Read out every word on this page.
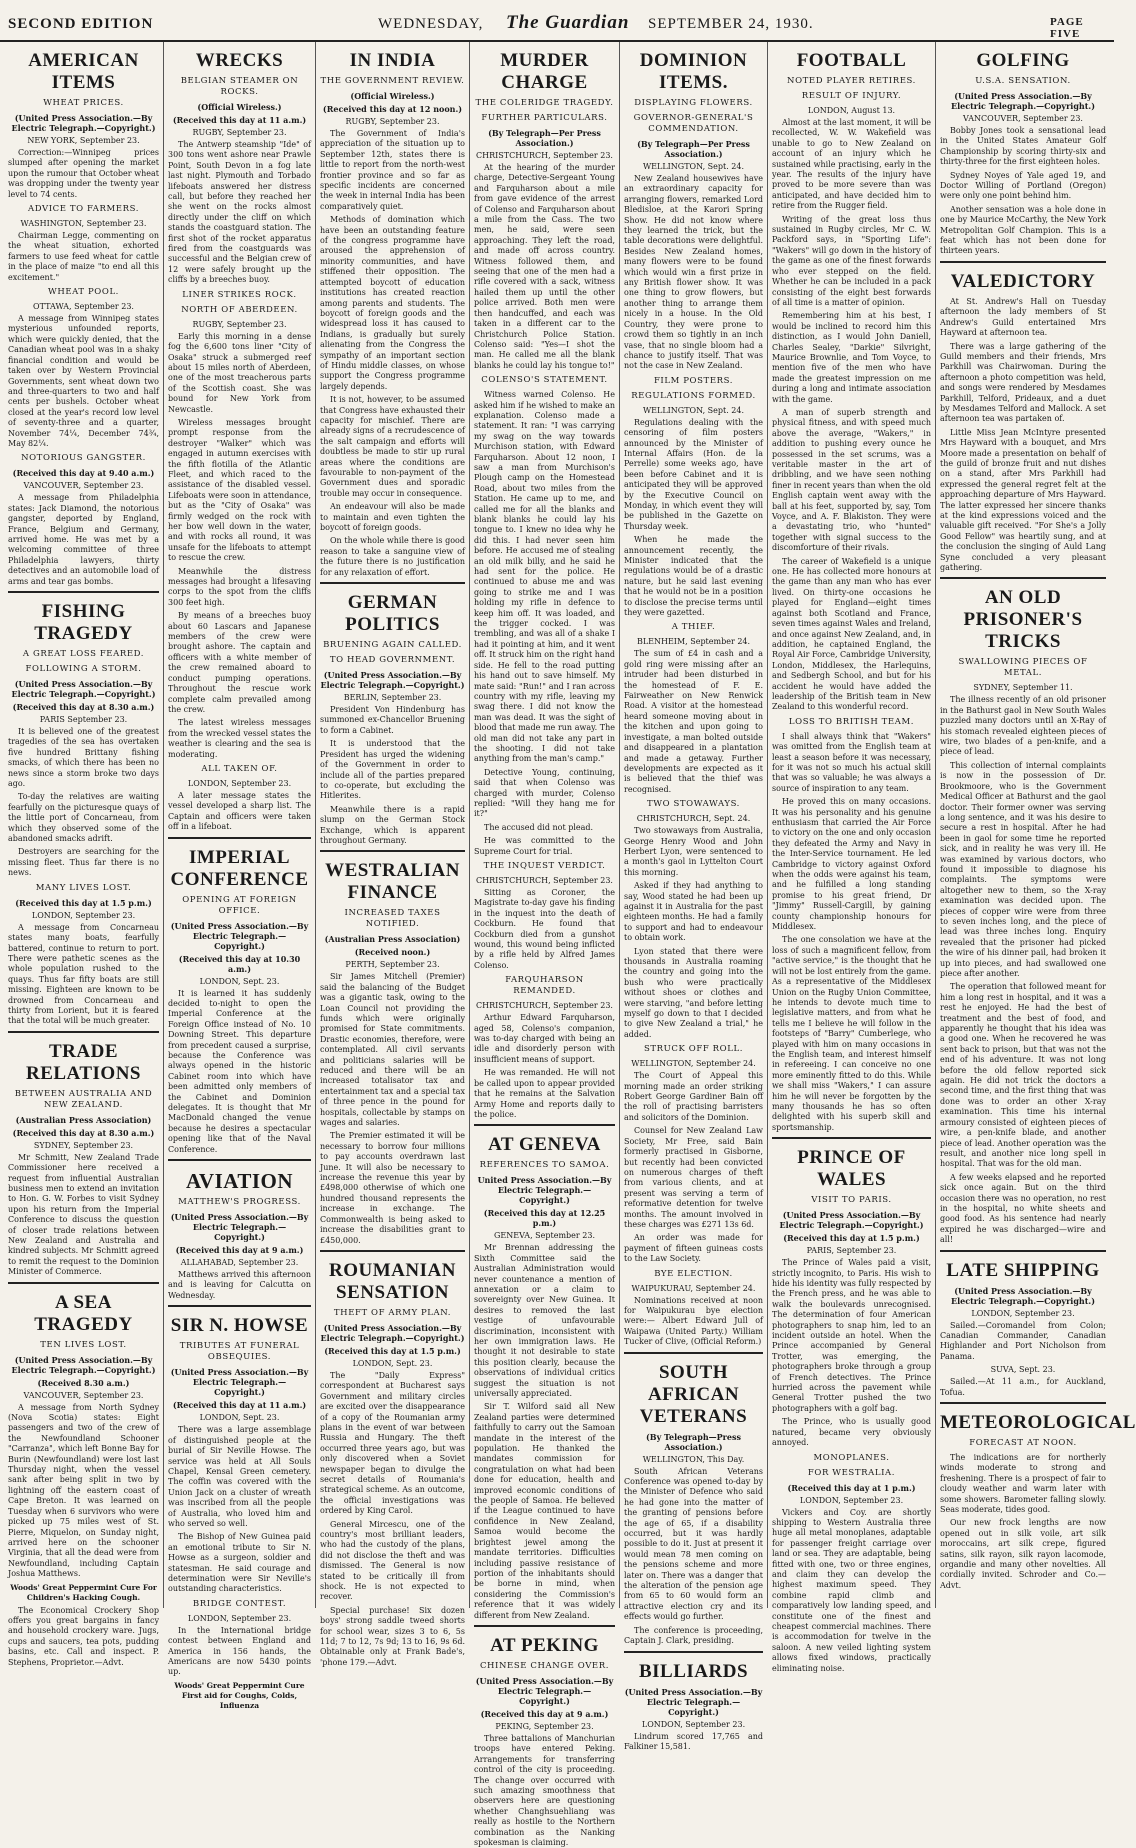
SECOND EDITION	WEDNESDAY, The Guardian SEPTEMBER 24, 1930.	PAGE FIVE
AMERICAN ITEMS
WHEAT PRICES.
(United Press Association.—By Electric Telegraph.—Copyright.)
NEW YORK, September 23.

Correction:—Winnipeg prices slumped after opening the market upon the rumour that October wheat was dropping under the twenty year level to 74 cents.

ADVICE TO FARMERS.
WASHINGTON, September 23.

Chairman Legge, commenting on the wheat situation, exhorted farmers to use feed wheat for cattle in the place of maize "to end all this excitement."

WHEAT POOL.
OTTAWA, September 23.

A message from Winnipeg states mysterious unfounded reports, which were quickly denied, that the Canadian wheat pool was in a shaky financial condition and would be taken over by Western Provincial Governments, sent wheat down two and three-quarters to two and half cents per bushels. October wheat closed at the year's record low level of seventy-three and a quarter, November 74¼, December 74¾, May 82¼.

NOTORIOUS GANGSTER.
(Received this day at 9.40 a.m.)
VANCOUVER, September 23.

A message from Philadelphia states: Jack Diamond, the notorious gangster, deported by England, France, Belgium and Germany, arrived home. He was met by a welcoming committee of three Philadelphia lawyers, thirty detectives and an automobile load of arms and tear gas bombs.

FISHING TRAGEDY
A GREAT LOSS FEARED.
FOLLOWING A STORM.
(United Press Association.—By Electric Telegraph.—Copyright.)
(Received this day at 8.30 a.m.)
PARIS September 23.

It is believed one of the greatest tragedies of the sea has overtaken five hundred Brittany fishing smacks, of which there has been no news since a storm broke two days ago.

To-day the relatives are waiting fearfully on the picturesque quays of the little port of Concarneau, from which they observed some of the abandoned smacks adrift.

Destroyers are searching for the missing fleet. Thus far there is no news.

MANY LIVES LOST.
(Received this day at 1.5 p.m.)
LONDON, September 23.

A message from Concarneau states many boats, fearfully battered, continue to return to port. There were pathetic scenes as the whole population rushed to the quays. Thus far fifty boats are still missing. Eighteen are known to be drowned from Concarneau and thirty from Lorient, but it is feared that the total will be much greater.

TRADE RELATIONS
BETWEEN AUSTRALIA AND NEW ZEALAND.
(Australian Press Association)
(Received this day at 8.30 a.m.)
SYDNEY, September 23.

Mr Schmitt, New Zealand Trade Commissioner here received a request from influential Australian business men to extend an invitation to Hon. G. W. Forbes to visit Sydney upon his return from the Imperial Conference to discuss the question of closer trade relations between New Zealand and Australia and kindred subjects. Mr Schmitt agreed to remit the request to the Dominion Minister of Commerce.

A SEA TRAGEDY
TEN LIVES LOST.
(United Press Association.—By Electric Telegraph.—Copyright.)
(Received 8.30 a.m.)
VANCOUVER, September 23.

A message from North Sydney (Nova Scotia) states: Eight passengers and two of the crew of the Newfoundland Schooner "Carranza", which left Bonne Bay for Burin (Newfoundland) were lost last Thursday night, when the vessel sank after being split in two by lightning off the eastern coast of Cape Breton. It was learned on Tuesday when 6 survivors who were picked up 75 miles west of St. Pierre, Miquelon, on Sunday night, arrived here on the schooner Virginia, that all the dead were from Newfoundland, including Captain Joshua Matthews.

Woods' Great Peppermint Cure For Children's Hacking Cough.

The Economical Crockery Shop offers you great bargains in fancy and household crockery ware. Jugs, cups and saucers, tea pots, pudding basins, etc. Call and inspect. P. Stephens, Proprietor.—Advt.

WRECKS
BELGIAN STEAMER ON ROCKS.
(Official Wireless.)
(Received this day at 11 a.m.)
RUGBY, September 23.

The Antwerp steamship "Ide" of 300 tons went ashore near Prawle Point, South Devon in a fog late last night. Plymouth and Torbado lifeboats answered her distress call, but before they reached her she went on the rocks almost directly under the cliff on which stands the coastguard station. The first shot of the rocket apparatus fired from the coastguards was successful and the Belgian crew of 12 were safely brought up the cliffs by a breeches buoy.

LINER STRIKES ROCK.
NORTH OF ABERDEEN.
RUGBY, September 23.

Early this morning in a dense fog the 6,600 tons liner "City of Osaka" struck a submerged reef about 15 miles north of Aberdeen, one of the most treacherous parts of the Scottish coast. She was bound for New York from Newcastle.

Wireless messages brought prompt response from the destroyer "Walker" which was engaged in autumn exercises with the fifth flotilla of the Atlantic Fleet, and which raced to the assistance of the disabled vessel. Lifeboats were soon in attendance, but as the "City of Osaka" was firmly wedged on the rock with her bow well down in the water, and with rocks all round, it was unsafe for the lifeboats to attempt to rescue the crew.

Meanwhile the distress messages had brought a lifesaving corps to the spot from the cliffs 300 feet high.

By means of a breeches buoy about 60 Lascars and Japanese members of the crew were brought ashore. The captain and officers with a white member of the crew remained aboard to conduct pumping operations. Throughout the rescue work complete calm prevailed among the crew.

The latest wireless messages from the wrecked vessel states the weather is clearing and the sea is moderating.

ALL TAKEN OF.
LONDON, September 23.

A later message states the vessel developed a sharp list. The Captain and officers were taken off in a lifeboat.

IMPERIAL CONFERENCE
OPENING AT FOREIGN OFFICE.
(United Press Association.—By Electric Telegraph.—Copyright.)
(Received this day at 10.30 a.m.)
LONDON, Sept. 23.

It is learned it has suddenly decided to-night to open the Imperial Conference at the Foreign Office instead of No. 10 Downing Street. This departure from precedent caused a surprise, because the Conference was always opened in the historic Cabinet room into which have been admitted only members of the Cabinet and Dominion delegates. It is thought that Mr MacDonald changed the venue because he desires a spectacular opening like that of the Naval Conference.

AVIATION
MATTHEW'S PROGRESS.
(United Press Association.—By Electric Telegraph.—Copyright.)
(Received this day at 9 a.m.)
ALLAHABAD, September 23.

Matthews arrived this afternoon and is leaving for Calcutta on Wednesday.

SIR N. HOWSE
TRIBUTES AT FUNERAL OBSEQUIES.
(United Press Association.—By Electric Telegraph.—Copyright.)
(Received this day at 11 a.m.)
LONDON, Sept. 23.

There was a large assemblage of distinguished people at the burial of Sir Neville Howse. The service was held at All Souls Chapel, Kensal Green cemetery. The coffin was covered with the Union Jack on a cluster of wreath was inscribed from all the people of Australia, who loved him and who served so well.

The Bishop of New Guinea paid an emotional tribute to Sir N. Howse as a surgeon, soldier and statesman. He said courage and determination were Sir Neville's outstanding characteristics.

BRIDGE CONTEST.
LONDON, September 23.

In the International bridge contest between England and America in 156 hands, the Americans are now 5430 points up.

Woods' Great Peppermint Cure First aid for Coughs, Colds, Influenza
IN INDIA
THE GOVERNMENT REVIEW.
(Official Wireless.)
(Received this day at 12 noon.)
RUGBY, September 23.

The Government of India's appreciation of the situation up to September 12th, states there is little to report from the north-west frontier province and so far as specific incidents are concerned the week in internal India has been comparatively quiet.

Methods of domination which have been an outstanding feature of the congress programme have aroused the apprehension of minority communities, and have stiffened their opposition. The attempted boycott of education institutions has created reaction among parents and students. The boycott of foreign goods and the widespread loss it has caused to Indians, is gradually but surely alienating from the Congress the sympathy of an important section of Hindu middle classes, on whose support the Congress programme largely depends.

It is not, however, to be assumed that Congress have exhausted their capacity for mischief. There are already signs of a recrudescence of the salt campaign and efforts will doubtless be made to stir up rural areas where the conditions are favourable to non-payment of the Government dues and sporadic trouble may occur in consequence.

An endeavour will also be made to maintain and even tighten the boycott of foreign goods.

On the whole while there is good reason to take a sanguine view of the future there is no justification for any relaxation of effort.

GERMAN POLITICS
BRUENING AGAIN CALLED.
TO HEAD GOVERNMENT.
(United Press Association.—By Electric Telegraph.—Copyright.)
BERLIN, September 23.

President Von Hindenburg has summoned ex-Chancellor Bruening to form a Cabinet.

It is understood that the President has urged the widening of the Government in order to include all of the parties prepared to co-operate, but excluding the Hitlerites.

Meanwhile there is a rapid slump on the German Stock Exchange, which is apparent throughout Germany.

WESTRALIAN FINANCE
INCREASED TAXES NOTIFIED.
(Australian Press Association)
(Received noon.)
PERTH, September 23.

Sir James Mitchell (Premier) said the balancing of the Budget was a gigantic task, owing to the Loan Council not providing the funds which were originally promised for State commitments. Drastic economies, therefore, were contemplated. All civil servants and politicians salaries will be reduced and there will be an increased totalisator tax and entertainment tax and a special tax of three pence in the pound for hospitals, collectable by stamps on wages and salaries.

The Premier estimated it will be necessary to borrow four millions to pay accounts overdrawn last June. It will also be necessary to increase the revenue this year by £498,000 otherwise of which one hundred thousand represents the increase in exchange. The Commonwealth is being asked to increase the disabilities grant to £450,000.

ROUMANIAN SENSATION
THEFT OF ARMY PLAN.
(United Press Association.—By Electric Telegraph.—Copyright.)
(Received this day at 1.5 p.m.)
LONDON, Sept. 23.

The "Daily Express" correspondent at Bucharest says Government and military circles are excited over the disappearance of a copy of the Roumanian army plans in the event of war between Russia and Hungary. The theft occurred three years ago, but was only discovered when a Soviet newspaper began to divulge the secret details of Roumania's strategical scheme. As an outcome, the official investigations was ordered by King Carol.

General Mircescu, one of the country's most brilliant leaders, who had the custody of the plans, did not disclose the theft and was dismissed. The General is now stated to be critically ill from shock. He is not expected to recover.

Special purchase! Six dozen boys' strong saddle tweed shorts for school wear, sizes 3 to 6, 5s 11d; 7 to 12, 7s 9d; 13 to 16, 9s 6d. Obtainable only at Frank Bade's, 'phone 179.—Advt.

MURDER CHARGE
THE COLERIDGE TRAGEDY.
FURTHER PARTICULARS.
(By Telegraph—Per Press Association.)
CHRISTCHURCH, September 23.

At the hearing of the murder charge, Detective-Sergeant Young and Farquharson about a mile from gave evidence of the arrest of Colenso and Farquharson about a mile from the Cass. The two men, he said, were seen approaching. They left the road, and made off across country. Witness followed them, and seeing that one of the men had a rifle covered with a sack, witness hailed them up until the other police arrived. Both men were then handcuffed, and each was taken in a different car to the Christchurch Police Station. Colenso said: "Yes—I shot the man. He called me all the blank blanks he could lay his tongue to!"

COLENSO'S STATEMENT.

Witness warned Colenso. He asked him if he wished to make an explanation. Colenso made a statement. It ran: "I was carrying my swag on the way towards Murchison station, with Edward Farquharson. About 12 noon, I saw a man from Murchison's Plough camp on the Homestead Road, about two miles from the Station. He came up to me, and called me for all the blanks and blank blanks he could lay his tongue to. I knew no idea why he did this. I had never seen him before. He accused me of stealing an old milk billy, and he said he had sent for the police. He continued to abuse me and was going to strike me and I was holding my rifle in defence to keep him off. It was loaded, and the trigger cocked. I was trembling, and was all of a shake I had it pointing at him, and it went off. It struck him on the right hand side. He fell to the road putting his hand out to save himself. My mate said: "Run!" and I ran across country with my rifle, leaving my swag there. I did not know the man was dead. It was the sight of blood that made me run away. The old man did not take any part in the shooting. I did not take anything from the man's camp."

Detective Young, continuing, said that when Colenso was charged with murder, Colenso replied: "Will they hang me for it?"

The accused did not plead.

He was committed to the Supreme Court for trial.

THE INQUEST VERDICT.
CHRISTCHURCH, September 23.

Sitting as Coroner, the Magistrate to-day gave his finding in the inquest into the death of Cockburn. He found that Cockburn died from a gunshot wound, this wound being inflicted by a rifle held by Alfred James Colenso.

FARQUHARSON REMANDED.
CHRISTCHURCH, September 23.

Arthur Edward Farquharson, aged 58, Colenso's companion, was to-day charged with being an idle and disorderly person with insufficient means of support.

He was remanded. He will not be called upon to appear provided that he remains at the Salvation Army Home and reports daily to the police.

AT GENEVA
REFERENCES TO SAMOA.
United Press Association.—By Electric Telegraph.—Copyright.)
(Received this day at 12.25 p.m.)
GENEVA, September 23.

Mr Brennan addressing the Sixth Committee said the Australian Administration would never countenance a mention of annexation or a claim to sovereignty over New Guinea. It desires to removed the last vestige of unfavourable discrimination, inconsistent with her own immigration laws. He thought it not desirable to state this position clearly, because the observations of individual critics suggest the situation is not universally appreciated.

Sir T. Wilford said all New Zealand parties were determined faithfully to carry out the Samoan mandate in the interest of the population. He thanked the mandates commission for congratulation on what had been done for education, health and improved economic conditions of the people of Samoa. He believed if the League continued to have confidence in New Zealand, Samoa would become the brightest jewel among the mandate territories. Difficulties including passive resistance of portion of the inhabitants should be borne in mind, when considering the Commission's reference that it was widely different from New Zealand.

AT PEKING
CHINESE CHANGE OVER.
(United Press Association.—By Electric Telegraph.—Copyright.)
(Received this day at 9 a.m.)
PEKING, September 23.

Three battalions of Manchurian troops have entered Peking. Arrangements for transferring control of the city is proceeding. The change over occurred with such amazing smoothness that observers here are questioning whether Changhsuehliang was really as hostile to the Northern combination as the Nanking spokesman is claiming.

DOMINION ITEMS.
DISPLAYING FLOWERS.
GOVERNOR-GENERAL'S COMMENDATION.
(By Telegraph—Per Press Association.)
WELLINGTON, Sept. 24.

New Zealand housewives have an extraordinary capacity for arranging flowers, remarked Lord Bledisloe, at the Karori Spring Show. He did not know where they learned the trick, but the table decorations were delightful. Besides New Zealand homes, many flowers were to be found which would win a first prize in any British flower show. It was one thing to grow flowers, but another thing to arrange them nicely in a house. In the Old Country, they were prone to crowd them so tightly in an inch vase, that no single bloom had a chance to justify itself. That was not the case in New Zealand.

FILM POSTERS.
REGULATIONS FORMED.
WELLINGTON, Sept. 24.

Regulations dealing with the censoring of film posters announced by the Minister of Internal Affairs (Hon. de la Perrelle) some weeks ago, have been before Cabinet and it is anticipated they will be approved by the Executive Council on Monday, in which event they will be published in the Gazette on Thursday week.

When he made the announcement recently, the Minister indicated that the regulations would be of a drastic nature, but he said last evening that he would not be in a position to disclose the precise terms until they were gazetted.

A THIEF.
BLENHEIM, September 24.

The sum of £4 in cash and a gold ring were missing after an intruder had been disturbed in the homestead of F. E. Fairweather on New Renwick Road. A visitor at the homestead heard someone moving about in the kitchen and upon going to investigate, a man bolted outside and disappeared in a plantation and made a getaway. Further developments are expected as it is believed that the thief was recognised.

TWO STOWAWAYS.
CHRISTCHURCH, Sept. 24.

Two stowaways from Australia, George Henry Wood and John Herbert Lyon, were sentenced to a month's gaol in Lyttelton Court this morning.

Asked if they had anything to say, Wood stated he had been up against it in Australia for the past eighteen months. He had a family to support and had to endeavour to obtain work.

Lyon stated that there were thousands in Australia roaming the country and going into the bush who were practically without shoes or clothes and were starving, "and before letting myself go down to that I decided to give New Zealand a trial," he added.

STRUCK OFF ROLL.
WELLINGTON, September 24.

The Court of Appeal this morning made an order striking Robert George Gardiner Bain off the roll of practising barristers and solicitors of the Dominion.

Counsel for New Zealand Law Society, Mr Free, said Bain formerly practised in Gisborne, but recently had been convicted on numerous charges of theft from various clients, and at present was serving a term of reformative detention for twelve months. The amount involved in these charges was £271 13s 6d.

An order was made for payment of fifteen guineas costs to the Law Society.

BYE ELECTION.
WAIPUKURAU, September 24.

Nominations received at noon for Waipukurau bye election were:— Albert Edward Jull of Waipawa (United Party.) William Tucker of Clive, (Official Reform.)

SOUTH AFRICAN VETERANS
(By Telegraph—Press Association.)
WELLINGTON, This Day.

South African Veterans Conference was opened to-day by the Minister of Defence who said he had gone into the matter of the granting of pensions before the age of 65, if a disability occurred, but it was hardly possible to do it. Just at present it would mean 78 men coming on the pensions scheme and more later on. There was a danger that the alteration of the pension age from 65 to 60 would form an attractive election cry and its effects would go further.

The conference is proceeding, Captain J. Clark, presiding.

BILLIARDS
(United Press Association.—By Electric Telegraph.—Copyright.)
LONDON, September 23.

Lindrum scored 17,765 and Falkiner 15,581.

FOOTBALL
NOTED PLAYER RETIRES.
RESULT OF INJURY.
LONDON, August 13.

Almost at the last moment, it will be recollected, W. W. Wakefield was unable to go to New Zealand on account of an injury which he sustained while practising, early in the year. The results of the injury have proved to be more severe than was anticipated, and have decided him to retire from the Rugger field.

Writing of the great loss thus sustained in Rugby circles, Mr C. W. Packford says, in "Sporting Life": "Wakers" will go down in the history of the game as one of the finest forwards who ever stepped on the field. Whether he can be included in a pack consisting of the eight best forwards of all time is a matter of opinion.

Remembering him at his best, I would be inclined to record him this distinction, as I would John Daniell, Charles Sealey, "Darkie" Silvright, Maurice Brownlie, and Tom Voyce, to mention five of the men who have made the greatest impression on me during a long and intimate association with the game.

A man of superb strength and physical fitness, and with speed much above the average, "Wakers," in addition to pushing every ounce he possessed in the set scrums, was a veritable master in the art of dribbling, and we have seen nothing finer in recent years than when the old English captain went away with the ball at his feet, supported by, say, Tom Voyce, and A. F. Blakiston. They were a devastating trio, who "hunted" together with signal success to the discomforture of their rivals.

The career of Wakefield is a unique one. He has collected more honours at the game than any man who has ever lived. On thirty-one occasions he played for England—eight times against both Scotland and France, seven times against Wales and Ireland, and once against New Zealand, and, in addition, he captained England, the Royal Air Force, Cambridge University, London, Middlesex, the Harlequins, and Sedbergh School, and but for his accident he would have added the leadership of the British team in New Zealand to this wonderful record.

LOSS TO BRITISH TEAM.

I shall always think that "Wakers" was omitted from the English team at least a season before it was necessary, for it was not so much his actual skill that was so valuable; he was always a source of inspiration to any team.

He proved this on many occasions. It was his personality and his genuine enthusiasm that carried the Air Force to victory on the one and only occasion they defeated the Army and Navy in the Inter-Service tournament. He led Cambridge to victory against Oxford when the odds were against his team, and he fulfilled a long standing promise to his great friend, Dr "Jimmy" Russell-Cargill, by gaining county championship honours for Middlesex.

The one consolation we have at the loss of such a magnificent fellow, from "active service," is the thought that he will not be lost entirely from the game. As a representative of the Middlesex Union on the Rugby Union Committee, he intends to devote much time to legislative matters, and from what he tells me I believe he will follow in the footsteps of "Barry" Cumberlege, who played with him on many occasions in the English team, and interest himself in refereeing. I can conceive no one more eminently fitted to do this. While we shall miss "Wakers," I can assure him he will never be forgotten by the many thousands he has so often delighted with his superb skill and sportsmanship.

PRINCE OF WALES
VISIT TO PARIS.
(United Press Association.—By Electric Telegraph.—Copyright.)
(Received this day at 1.5 p.m.)
PARIS, September 23.

The Prince of Wales paid a visit, strictly incognito, to Paris. His wish to hide his identity was fully respected by the French press, and he was able to walk the boulevards unrecognised. The determination of four American photographers to snap him, led to an incident outside an hotel. When the Prince accompanied by General Trotter, was emerging, the photographers broke through a group of French detectives. The Prince hurried across the pavement while General Trotter pushed the two photographers with a golf bag.

The Prince, who is usually good natured, became very obviously annoyed.

MONOPLANES.
FOR WESTRALIA.
(Received this day at 1 p.m.)
LONDON, September 23.

Vickers and Coy. are shortly shipping to Western Australia three huge all metal monoplanes, adaptable for passenger freight carriage over land or sea. They are adaptable, being fitted with one, two or three engines, and claim they can develop the highest maximum speed. They combine rapid climb and comparatively low landing speed, and constitute one of the finest and cheapest commercial machines. There is accommodation for twelve in the saloon. A new veiled lighting system allows fixed windows, practically eliminating noise.

GOLFING
U.S.A. SENSATION.
(United Press Association.—By Electric Telegraph.—Copyright.)
VANCOUVER, September 23.

Bobby Jones took a sensational lead in the United States Amateur Golf Championship by scoring thirty-six and thirty-three for the first eighteen holes.

Sydney Noyes of Yale aged 19, and Doctor Willing of Portland (Oregon) were only one point behind him.

Another sensation was a hole done in one by Maurice McCarthy, the New York Metropolitan Golf Champion. This is a feat which has not been done for thirteen years.

VALEDICTORY

At St. Andrew's Hall on Tuesday afternoon the lady members of St Andrew's Guild entertained Mrs Hayward at afternoon tea.

There was a large gathering of the Guild members and their friends, Mrs Parkhill was Chairwoman. During the afternoon a photo competition was held, and songs were rendered by Mesdames Parkhill, Telford, Prideaux, and a duet by Mesdames Telford and Mallock. A set afternoon tea was partaken of.

Little Miss Jean McIntyre presented Mrs Hayward with a bouquet, and Mrs Moore made a presentation on behalf of the guild of bronze fruit and nut dishes on a stand, after Mrs Parkhill had expressed the general regret felt at the approaching departure of Mrs Hayward. The latter expressed her sincere thanks at the kind expressions voiced and the valuable gift received. "For She's a Jolly Good Fellow" was heartily sung, and at the conclusion the singing of Auld Lang Syne concluded a very pleasant gathering.

AN OLD PRISONER'S TRICKS
SWALLOWING PIECES OF METAL.
SYDNEY, September 11.

The illness recently of an old prisoner in the Bathurst gaol in New South Wales puzzled many doctors until an X-Ray of his stomach revealed eighteen pieces of wire, two blades of a pen-knife, and a piece of lead.

This collection of internal complaints is now in the possession of Dr. Brookmoore, who is the Government Medical Officer at Bathurst and the gaol doctor. Their former owner was serving a long sentence, and it was his desire to secure a rest in hospital. After he had been in gaol for some time he reported sick, and in reality he was very ill. He was examined by various doctors, who found it impossible to diagnose his complaints. The symptoms were altogether new to them, so the X-ray examination was decided upon. The pieces of copper wire were from three to seven inches long, and the piece of lead was three inches long. Enquiry revealed that the prisoner had picked the wire of his dinner pail, had broken it up into pieces, and had swallowed one piece after another.

The operation that followed meant for him a long rest in hospital, and it was a rest he enjoyed. He had the best of treatment and the best of food, and apparently he thought that his idea was a good one. When he recovered he was sent back to prison, but that was not the end of his adventure. It was not long before the old fellow reported sick again. He did not trick the doctors a second time, and the first thing that was done was to order an other X-ray examination. This time his internal armoury consisted of eighteen pieces of wire, a pen-knife blade, and another piece of lead. Another operation was the result, and another nice long spell in hospital. That was for the old man.

A few weeks elapsed and he reported sick once again. But on the third occasion there was no operation, no rest in the hospital, no white sheets and good food. As his sentence had nearly expired he was discharged—wire and all!

LATE SHIPPING
(United Press Association.—By Electric Telegraph.—Copyright.)
LONDON, September 23.

Sailed.—Coromandel from Colon; Canadian Commander, Canadian Highlander and Port Nicholson from Panama.

SUVA, Sept. 23.

Sailed.—At 11 a.m., for Auckland, Tofua.

METEOROLOGICAL
FORECAST AT NOON.

The indications are for northerly winds moderate to strong and freshening. There is a prospect of fair to cloudy weather and warm later with some showers. Barometer falling slowly. Seas moderate, tides good.

Our new frock lengths are now opened out in silk voile, art silk moroccains, art silk crepe, figured satins, silk rayon, silk rayon lacomode, organdie and many other novelties. All cordially invited. Schroder and Co.—Advt.
